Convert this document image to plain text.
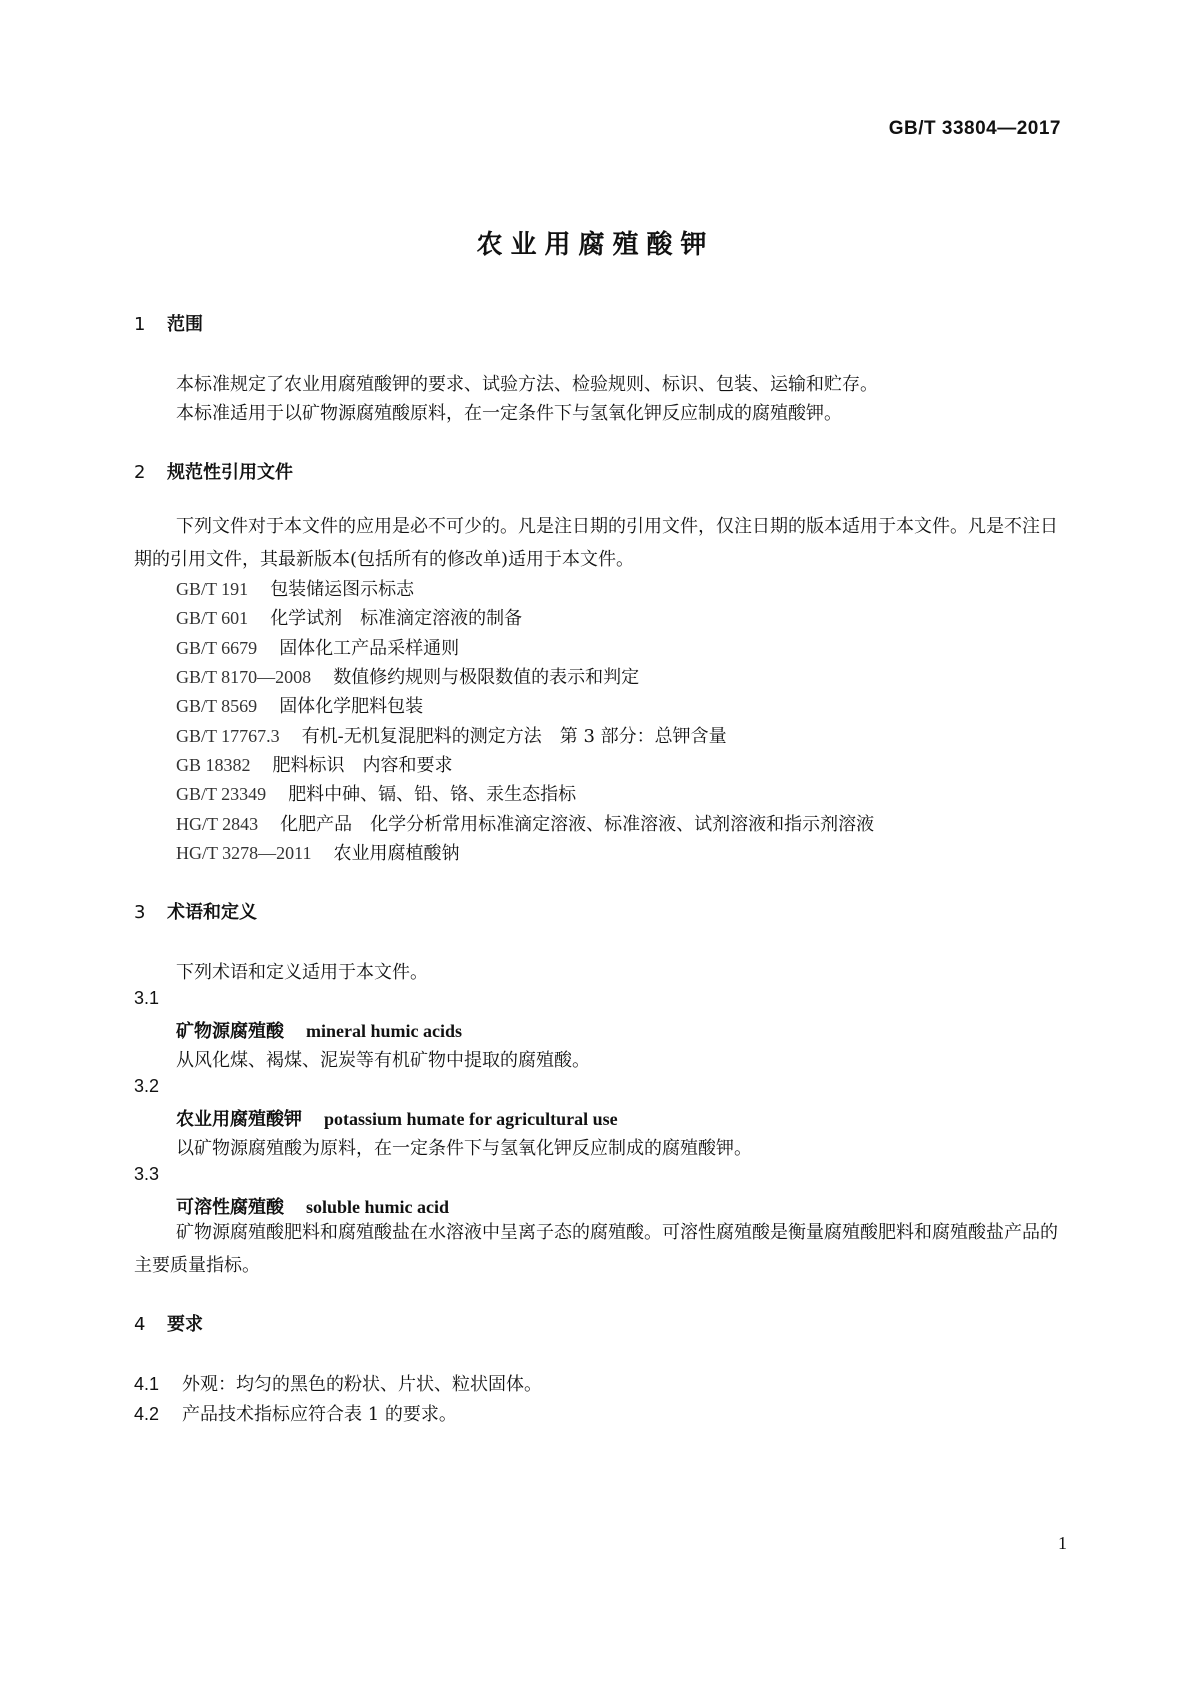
GB/T 33804—2017
农业用腐殖酸钾
1 范围
本标准规定了农业用腐殖酸钾的要求、试验方法、检验规则、标识、包装、运输和贮存。
本标准适用于以矿物源腐殖酸原料，在一定条件下与氢氧化钾反应制成的腐殖酸钾。
2 规范性引用文件
下列文件对于本文件的应用是必不可少的。凡是注日期的引用文件，仅注日期的版本适用于本文件。凡是不注日期的引用文件，其最新版本(包括所有的修改单)适用于本文件。
GB/T 191 包装储运图示标志
GB/T 601 化学试剂　标准滴定溶液的制备
GB/T 6679 固体化工产品采样通则
GB/T 8170—2008 数值修约规则与极限数值的表示和判定
GB/T 8569 固体化学肥料包装
GB/T 17767.3 有机-无机复混肥料的测定方法　第 3 部分：总钾含量
GB 18382 肥料标识　内容和要求
GB/T 23349 肥料中砷、镉、铅、铬、汞生态指标
HG/T 2843 化肥产品　化学分析常用标准滴定溶液、标准溶液、试剂溶液和指示剂溶液
HG/T 3278—2011 农业用腐植酸钠
3 术语和定义
下列术语和定义适用于本文件。
3.1
矿物源腐殖酸 mineral humic acids
从风化煤、褐煤、泥炭等有机矿物中提取的腐殖酸。
3.2
农业用腐殖酸钾 potassium humate for agricultural use
以矿物源腐殖酸为原料，在一定条件下与氢氧化钾反应制成的腐殖酸钾。
3.3
可溶性腐殖酸 soluble humic acid
矿物源腐殖酸肥料和腐殖酸盐在水溶液中呈离子态的腐殖酸。可溶性腐殖酸是衡量腐殖酸肥料和腐殖酸盐产品的主要质量指标。
4 要求
4.1 外观：均匀的黑色的粉状、片状、粒状固体。
4.2 产品技术指标应符合表 1 的要求。
1
